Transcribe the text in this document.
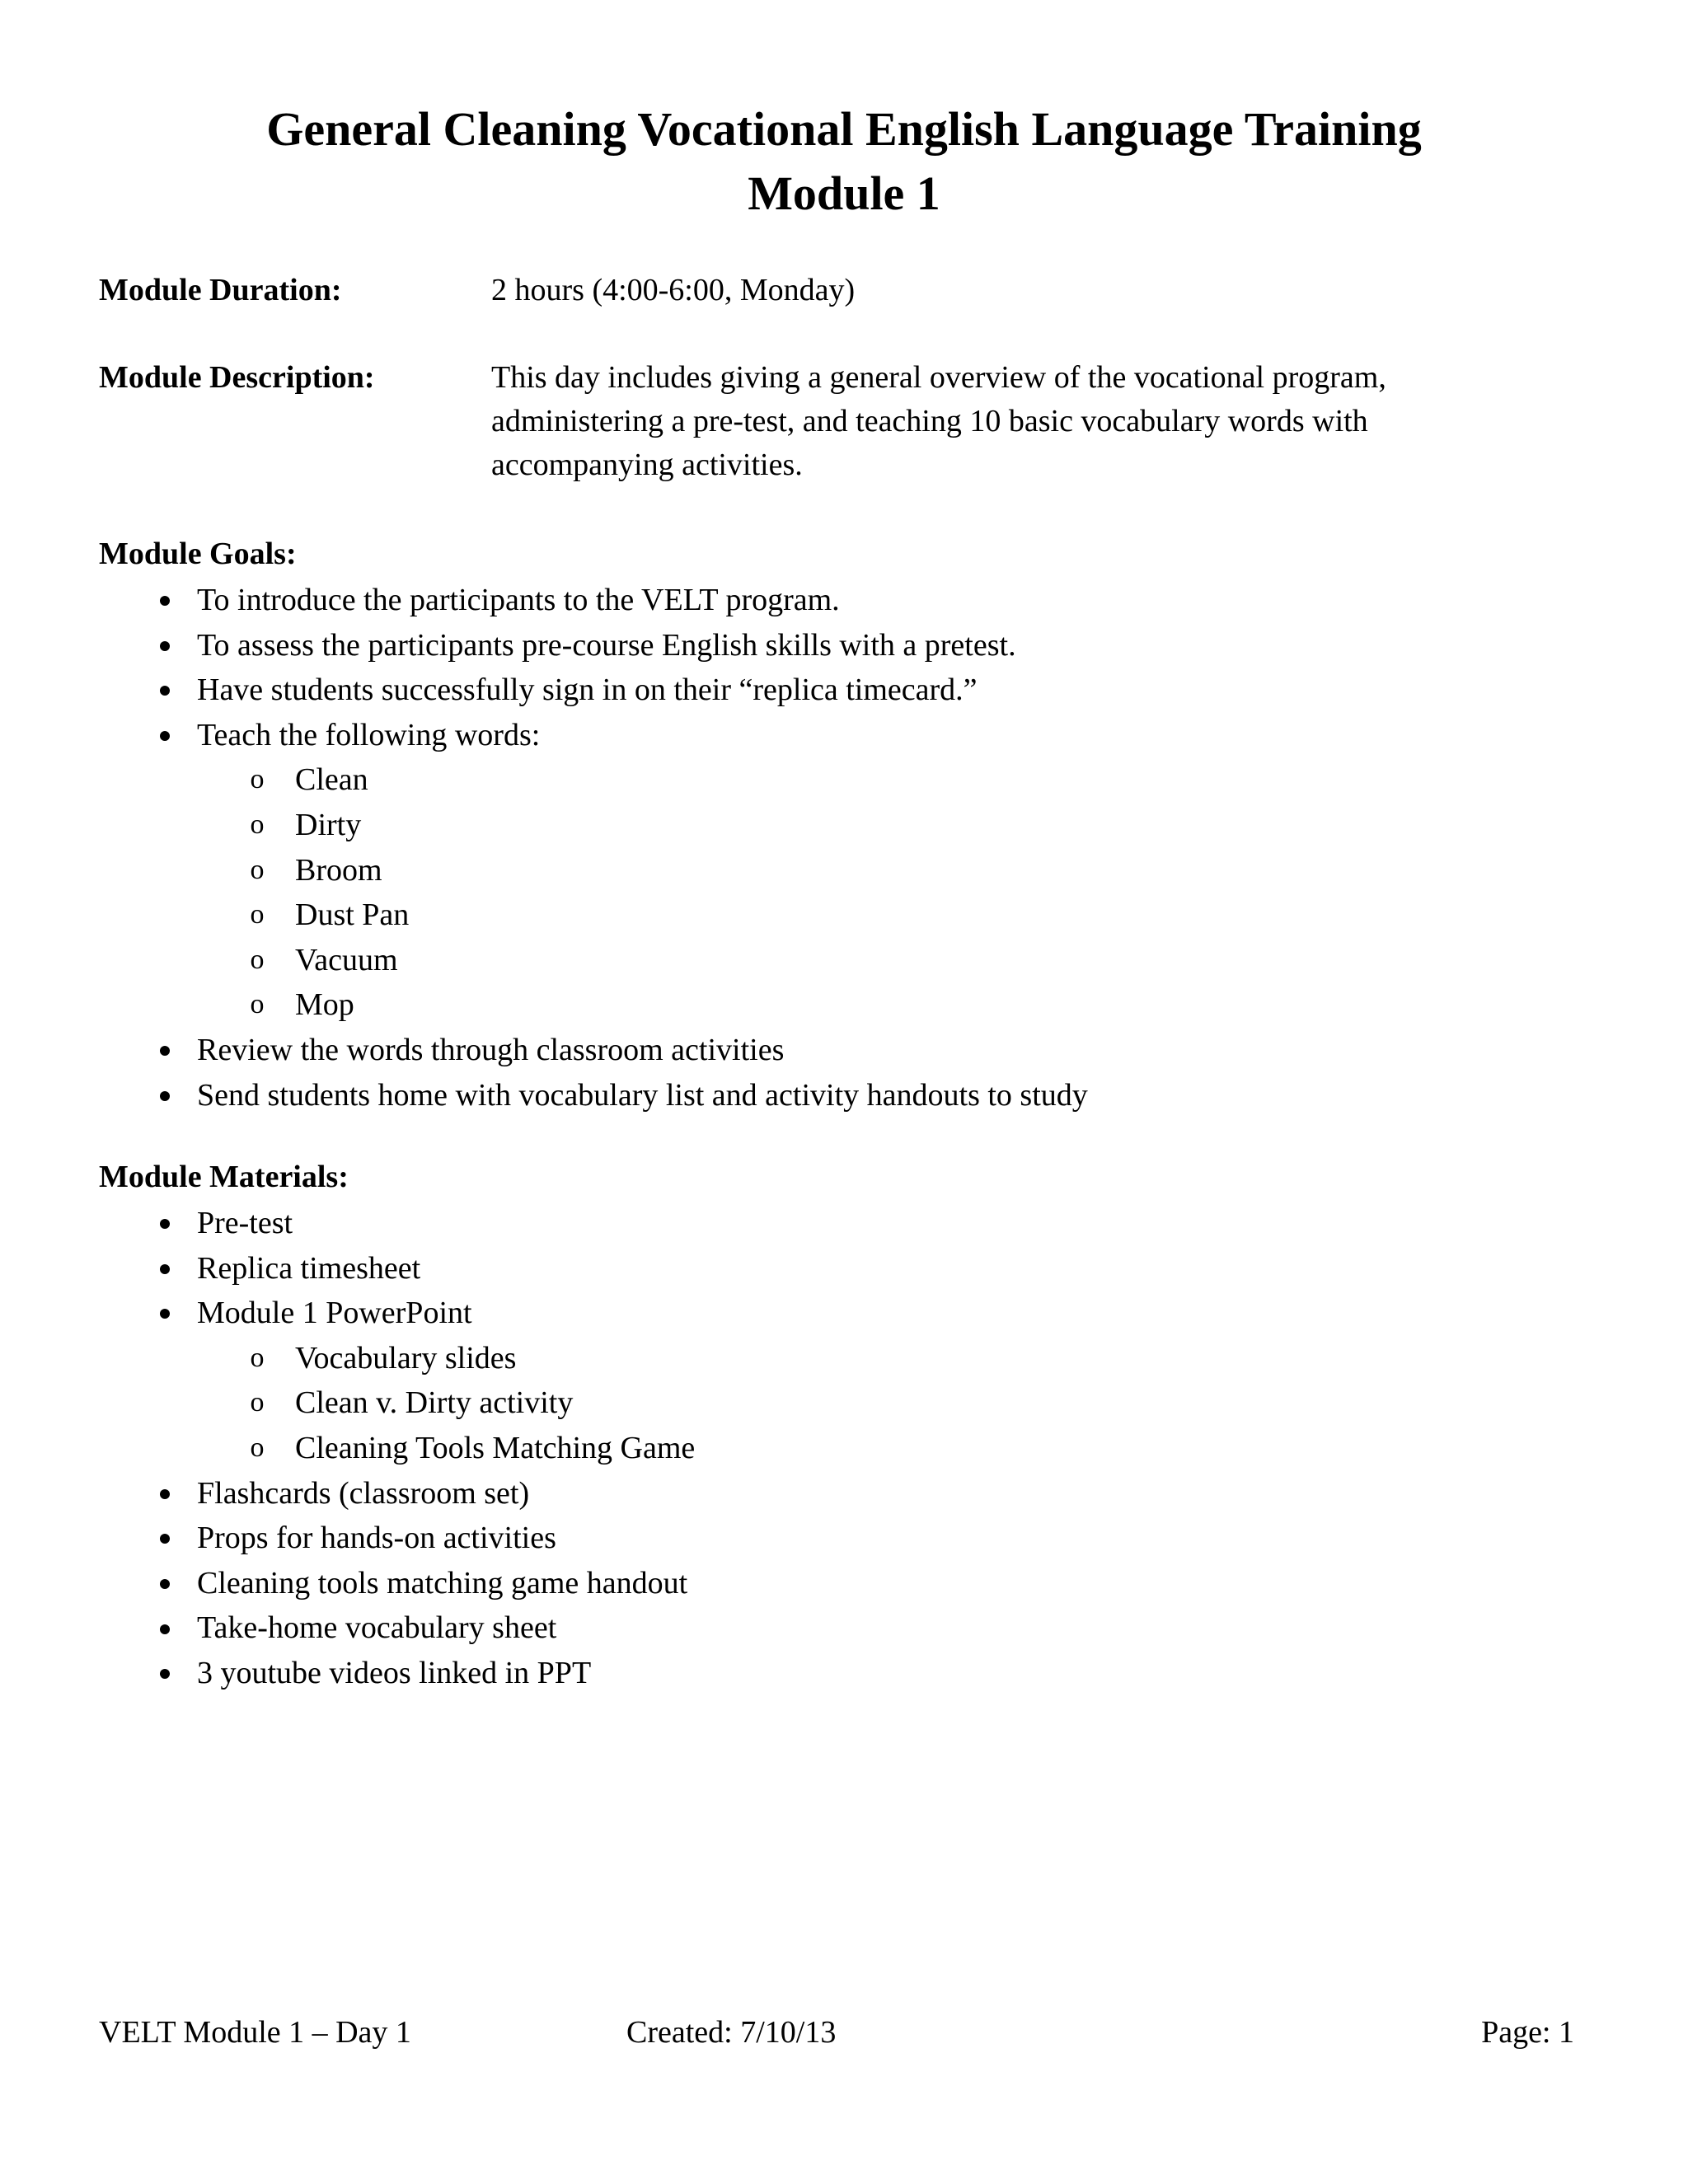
General Cleaning Vocational English Language Training
Module 1
Module Duration:	2 hours (4:00-6:00, Monday)
Module Description:	This day includes giving a general overview of the vocational program, administering a pre-test, and teaching 10 basic vocabulary words with accompanying activities.
Module Goals:
To introduce the participants to the VELT program.
To assess the participants pre-course English skills with a pretest.
Have students successfully sign in on their “replica timecard.”
Teach the following words:
o Clean
o Dirty
o Broom
o Dust Pan
o Vacuum
o Mop
Review the words through classroom activities
Send students home with vocabulary list and activity handouts to study
Module Materials:
Pre-test
Replica timesheet
Module 1 PowerPoint
o Vocabulary slides
o Clean v. Dirty activity
o Cleaning Tools Matching Game
Flashcards (classroom set)
Props for hands-on activities
Cleaning tools matching game handout
Take-home vocabulary sheet
3 youtube videos linked in PPT
VELT Module 1 – Day 1	Created: 7/10/13	Page: 1
